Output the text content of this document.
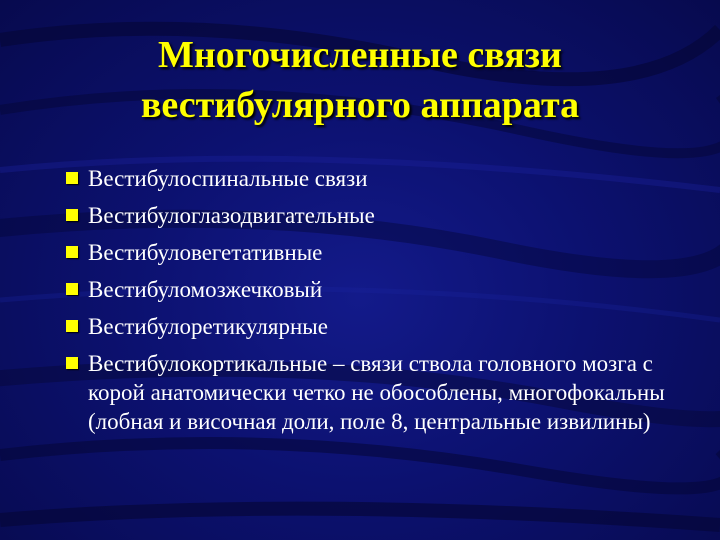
Многочисленные связи
вестибулярного аппарата
Вестибулоспинальные связи
Вестибулоглазодвигательные
Вестибуловегетативные
Вестибуломозжечковый
Вестибулоретикулярные
Вестибулокортикальные – связи ствола головного мозга с корой анатомически четко не обособлены, многофокальны (лобная и височная доли, поле 8, центральные извилины)
